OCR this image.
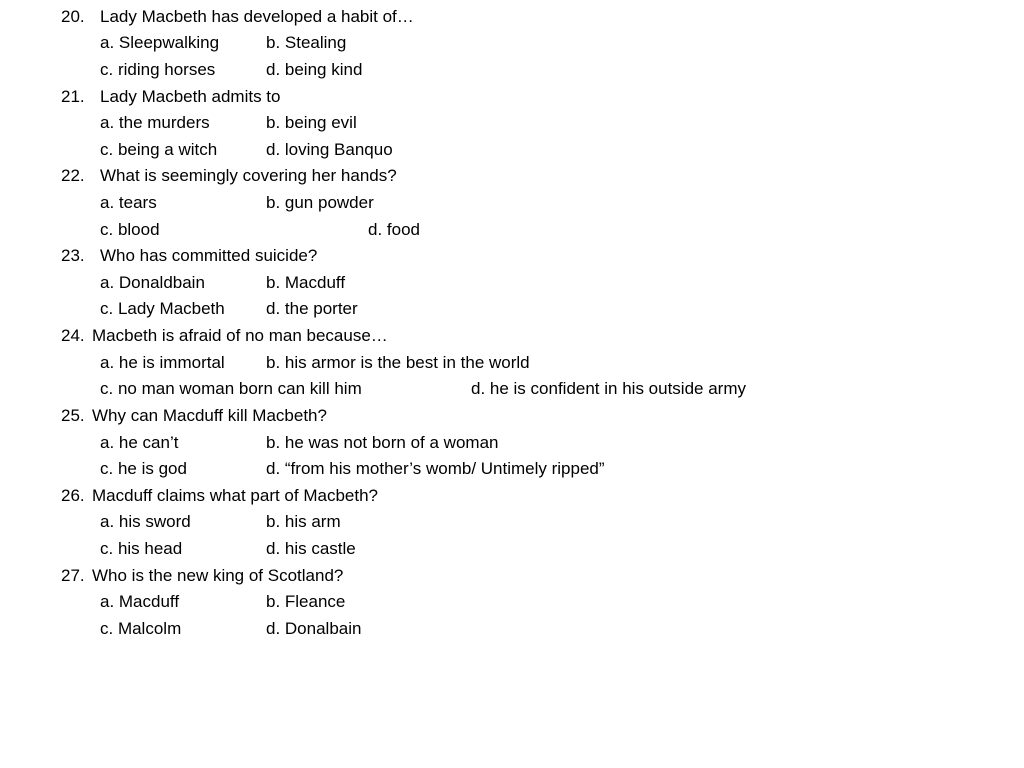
20. Lady Macbeth has developed a habit of…
a. Sleepwalking	b. Stealing
c. riding horses	d. being kind
21. Lady Macbeth admits to
a. the murders	b. being evil
c. being a witch	d. loving Banquo
22. What is seemingly covering her hands?
a. tears	b. gun powder
c. blood	d. food
23. Who has committed suicide?
a. Donaldbain	b. Macduff
c. Lady Macbeth d. the porter
24. Macbeth is afraid of no man because…
a. he is immortal b. his armor is the best in the world
c. no man woman born can kill him	d. he is confident in his outside army
25. Why can Macduff kill Macbeth?
a. he can’t	b. he was not born of a woman
c. he is god	d. “from his mother’s womb/ Untimely ripped”
26. Macduff claims what part of Macbeth?
a. his sword	b. his arm
c. his head	d. his castle
27. Who is the new king of Scotland?
a. Macduff	b. Fleance
c. Malcolm	d. Donalbain
